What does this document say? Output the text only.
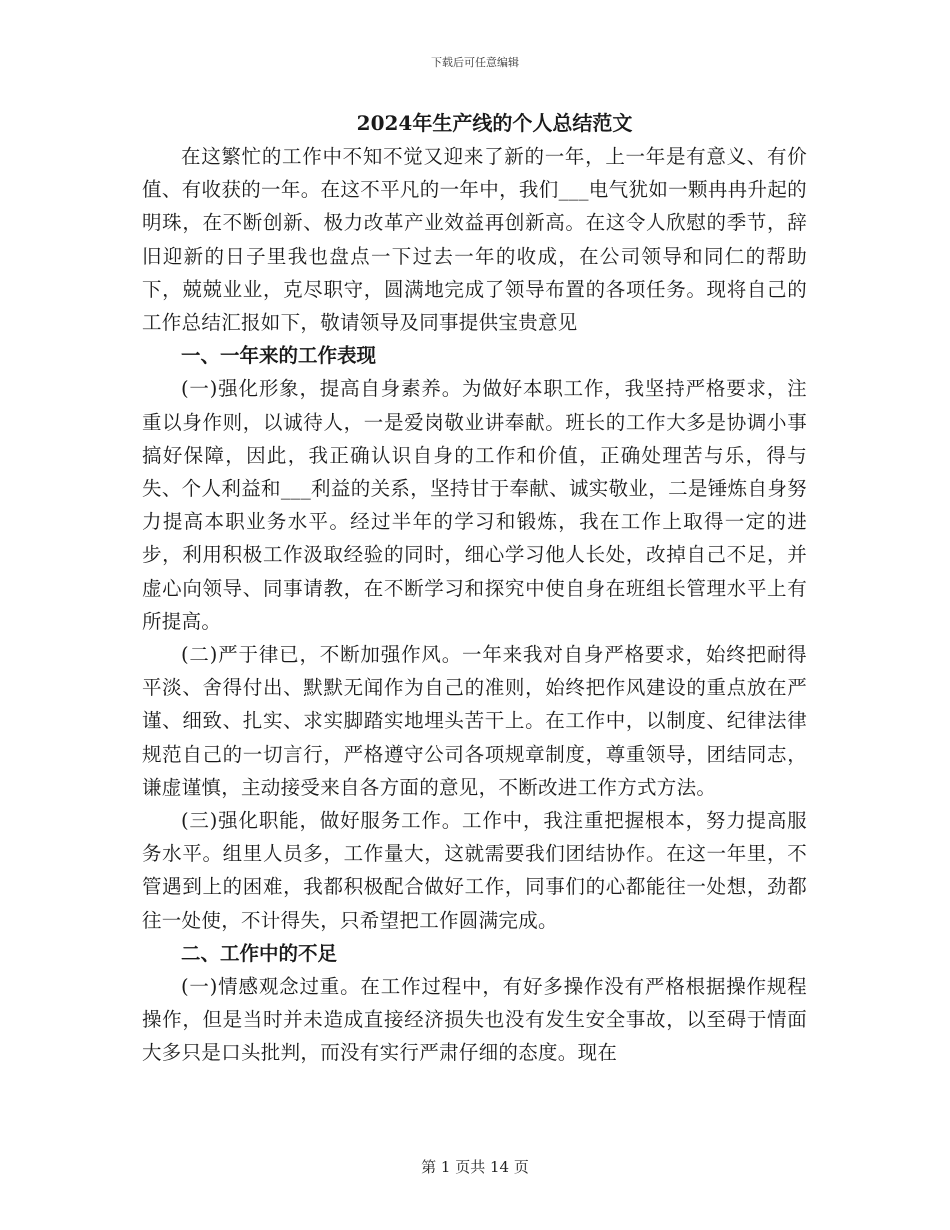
下载后可任意编辑
2024年生产线的个人总结范文

在这繁忙的工作中不知不觉又迎来了新的一年，上一年是有意义、有价值、有收获的一年。在这不平凡的一年中，我们___电气犹如一颗冉冉升起的明珠，在不断创新、极力改革产业效益再创新高。在这令人欣慰的季节，辞旧迎新的日子里我也盘点一下过去一年的收成，在公司领导和同仁的帮助下，兢兢业业，克尽职守，圆满地完成了领导布置的各项任务。现将自己的工作总结汇报如下，敬请领导及同事提供宝贵意见

一、一年来的工作表现

(一)强化形象，提高自身素养。为做好本职工作，我坚持严格要求，注重以身作则，以诚待人，一是爱岗敬业讲奉献。班长的工作大多是协调小事搞好保障，因此，我正确认识自身的工作和价值，正确处理苦与乐，得与失、个人利益和___利益的关系，坚持甘于奉献、诚实敬业，二是锤炼自身努力提高本职业务水平。经过半年的学习和锻炼，我在工作上取得一定的进步，利用积极工作汲取经验的同时，细心学习他人长处，改掉自己不足，并虚心向领导、同事请教，在不断学习和探究中使自身在班组长管理水平上有所提高。

(二)严于律已，不断加强作风。一年来我对自身严格要求，始终把耐得平淡、舍得付出、默默无闻作为自己的准则，始终把作风建设的重点放在严谨、细致、扎实、求实脚踏实地埋头苦干上。在工作中，以制度、纪律法律规范自己的一切言行，严格遵守公司各项规章制度，尊重领导，团结同志，谦虚谨慎，主动接受来自各方面的意见，不断改进工作方式方法。

(三)强化职能，做好服务工作。工作中，我注重把握根本，努力提高服务水平。组里人员多，工作量大，这就需要我们团结协作。在这一年里，不管遇到上的困难，我都积极配合做好工作，同事们的心都能往一处想，劲都往一处使，不计得失，只希望把工作圆满完成。

二、工作中的不足

(一)情感观念过重。在工作过程中，有好多操作没有严格根据操作规程操作，但是当时并未造成直接经济损失也没有发生安全事故，以至碍于情面大多只是口头批判，而没有实行严肃仔细的态度。现在

第 1 页共 14 页
